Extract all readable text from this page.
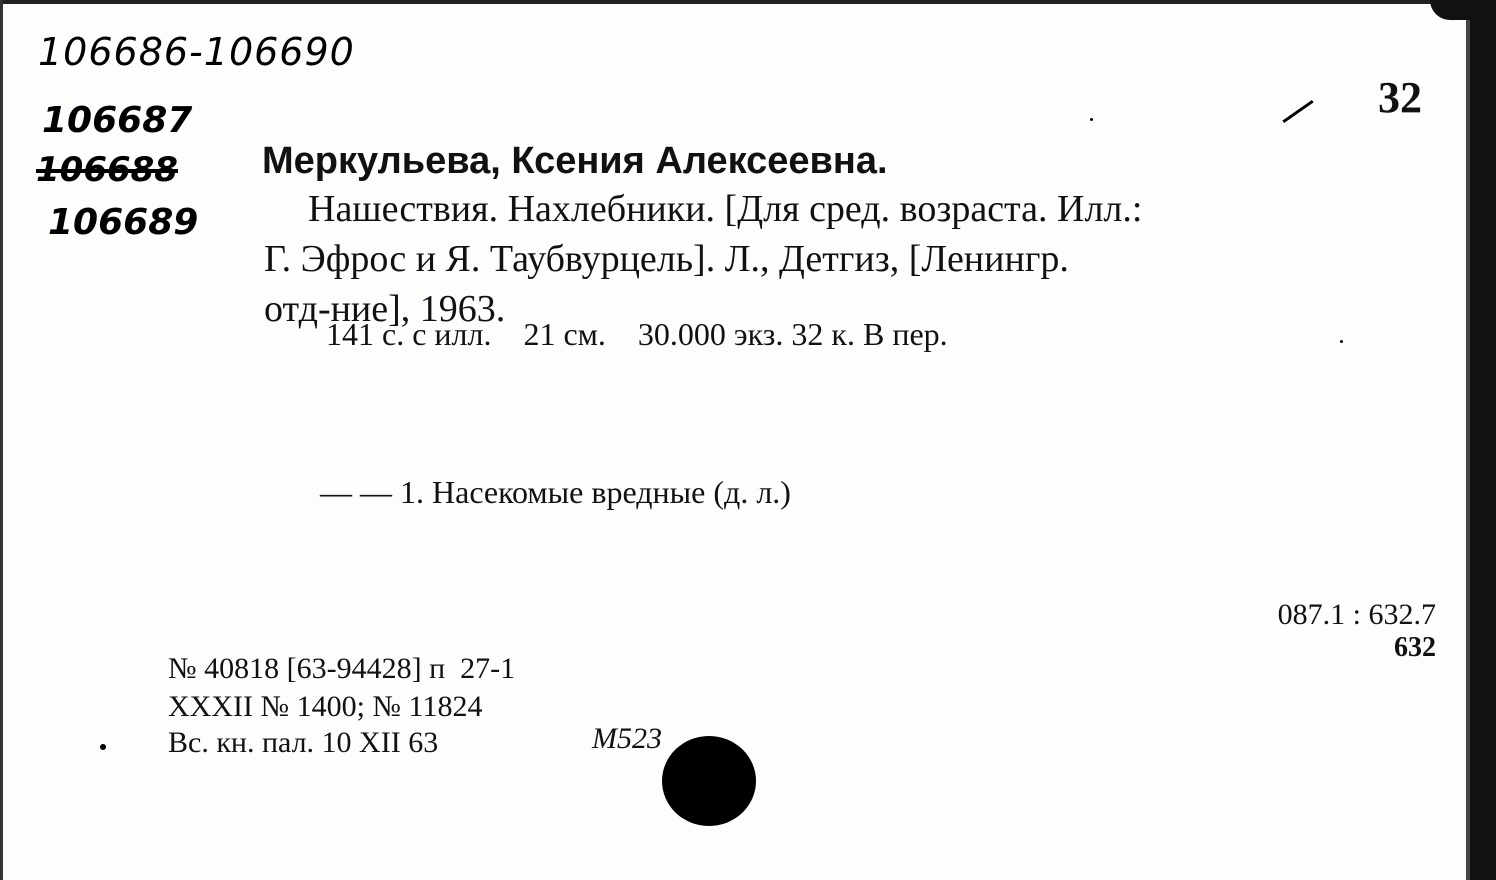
106686-106690
106687
106688
106689
32
Меркульева, Ксения Алексеевна.
Нашествия. Нахлебники. [Для сред. возраста. Илл.:
Г. Эфрос и Я. Таубвурцель]. Л., Детгиз, [Ленингр.
отд-ние], 1963.
141 с. с илл.    21 см.    30.000 экз. 32 к. В пер.
— — 1. Насекомые вредные (д. л.)
087.1 : 632.7
632
№ 40818 [63-94428] п  27-1
XXXII № 1400; № 11824
Вс. кн. пал. 10 XII 63	M523
